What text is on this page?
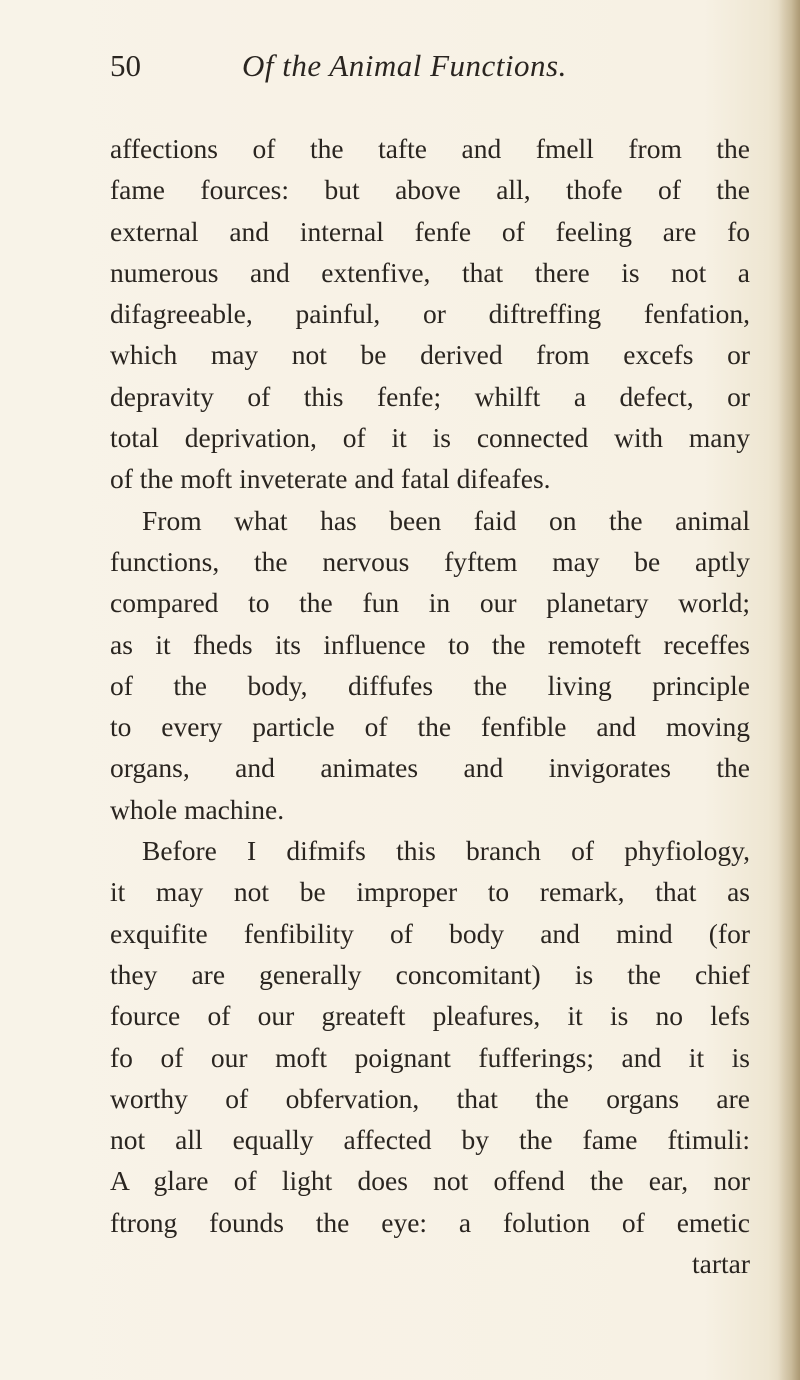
50	Of the Animal Functions.
affections of the tafte and fmell from the
fame fources: but above all, thofe of the
external and internal fenfe of feeling are fo
numerous and extenfive, that there is not a
difagreeable, painful, or diftreffing fenfation,
which may not be derived from excefs or
depravity of this fenfe; whilft a defect, or
total deprivation, of it is connected with many
of the moft inveterate and fatal difeafes.
From what has been faid on the animal
functions, the nervous fyftem may be aptly
compared to the fun in our planetary world;
as it fheds its influence to the remoteft receffes
of the body, diffufes the living principle
to every particle of the fenfible and moving
organs, and animates and invigorates the
whole machine.
Before I difmifs this branch of phyfiology,
it may not be improper to remark, that as
exquifite fenfibility of body and mind (for
they are generally concomitant) is the chief
fource of our greateft pleafures, it is no lefs
fo of our moft poignant fufferings; and it is
worthy of obfervation, that the organs are
not all equally affected by the fame ftimuli:
A glare of light does not offend the ear, nor
ftrong founds the eye: a folution of emetic
tartar
